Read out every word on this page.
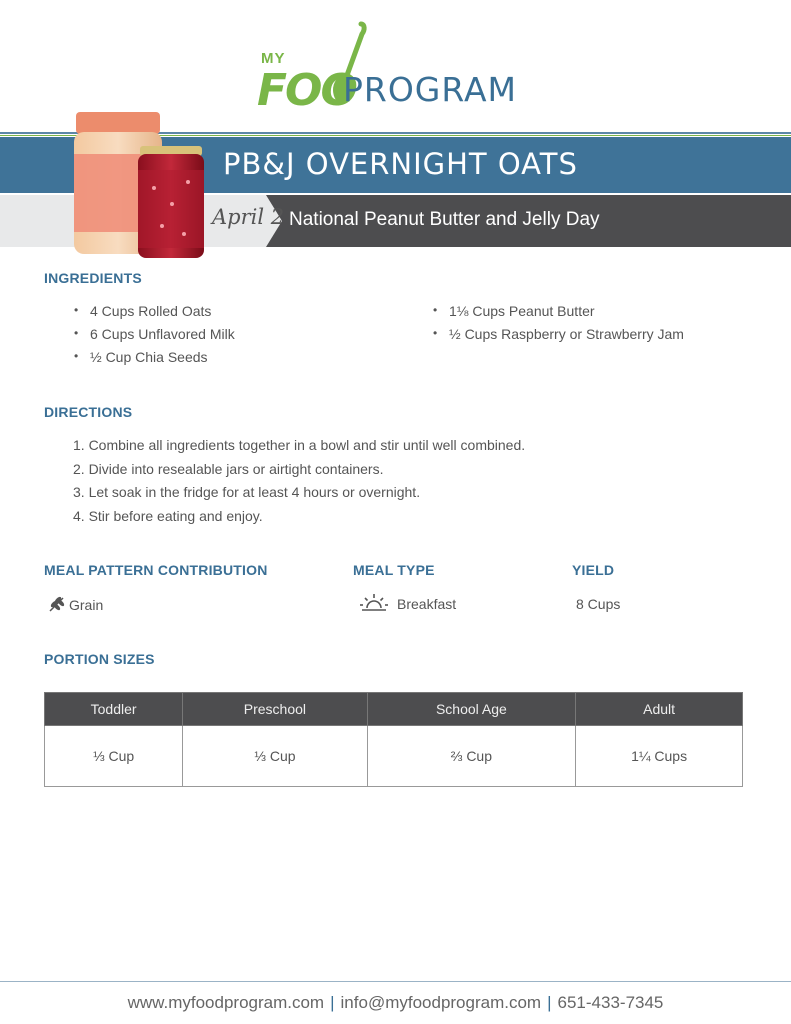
MY
FOO
PROGRAM
PB&J OVERNIGHT OATS
April 2 National Peanut Butter and Jelly Day
INGREDIENTS
• 4 Cups Rolled Oats
• 6 Cups Unflavored Milk
• ½ Cup Chia Seeds
• 1⅛ Cups Peanut Butter
• ½ Cups Raspberry or Strawberry Jam
DIRECTIONS
1. Combine all ingredients together in a bowl and stir until well combined.
2. Divide into resealable jars or airtight containers.
3. Let soak in the fridge for at least 4 hours or overnight.
4. Stir before eating and enjoy.
MEAL PATTERN CONTRIBUTION
Grain
MEAL TYPE
Breakfast
YIELD
8 Cups
PORTION SIZES
Toddler	Preschool	School Age	Adult
⅓ Cup	⅓ Cup	⅔ Cup	1¼ Cups
www.myfoodprogram.com | info@myfoodprogram.com | 651-433-7345
